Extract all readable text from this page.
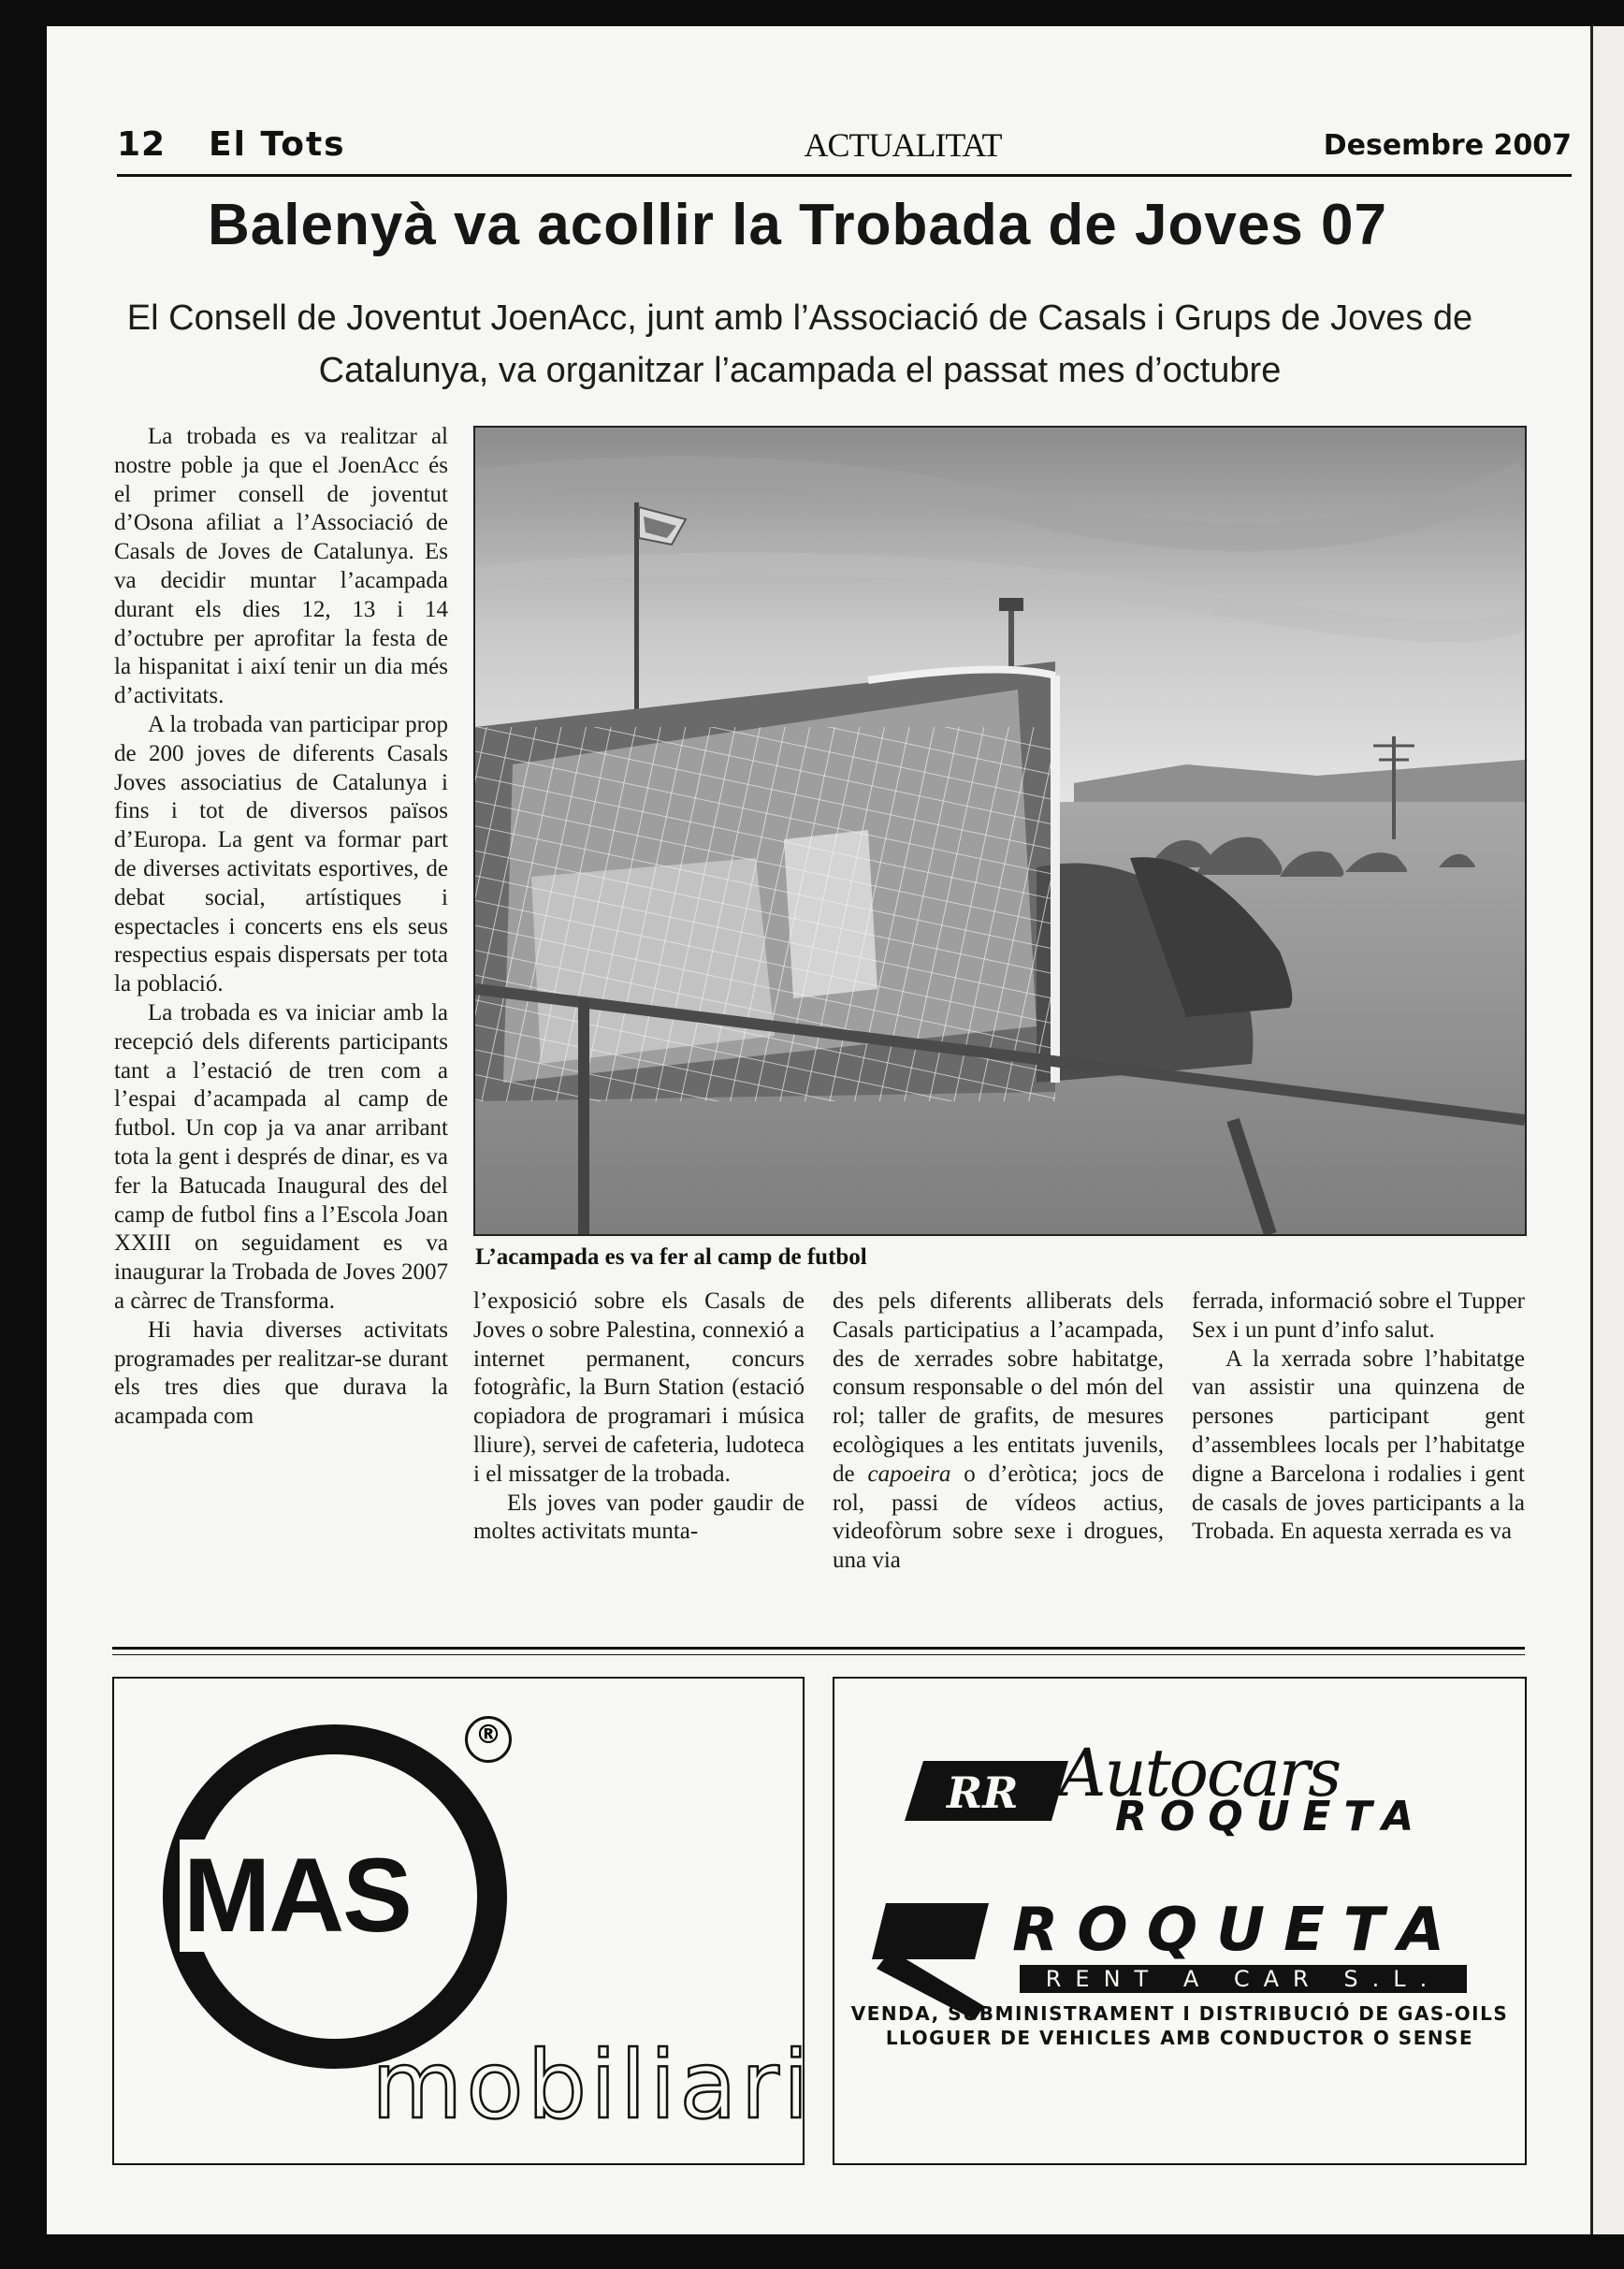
12 El Tots	ACTUALITAT	Desembre 2007
Balenyà va acollir la Trobada de Joves 07

El Consell de Joventut JoenAcc, junt amb l’Associació de Casals i Grups de Joves de Catalunya, va organitzar l’acampada el passat mes d’octubre

La trobada es va realitzar al nostre poble ja que el JoenAcc és el primer consell de joventut d’Osona afiliat a l’Associació de Casals de Joves de Catalunya. Es va decidir muntar l’acampada durant els dies 12, 13 i 14 d’octubre per aprofitar la festa de la hispanitat i així tenir un dia més d’activitats.

A la trobada van participar prop de 200 joves de diferents Casals Joves associatius de Catalunya i fins i tot de diversos països d’Europa. La gent va formar part de diverses activitats esportives, de debat social, artístiques i espectacles i concerts ens els seus respectius espais dispersats per tota la població.

La trobada es va iniciar amb la recepció dels diferents participants tant a l’estació de tren com a l’espai d’acampada al camp de futbol. Un cop ja va anar arribant tota la gent i després de dinar, es va fer la Batucada Inaugural des del camp de futbol fins a l’Escola Joan XXIII on seguidament es va inaugurar la Trobada de Joves 2007 a càrrec de Transforma.

Hi havia diverses activitats programades per realitzar-se durant els tres dies que durava la acampada com

L’acampada es va fer al camp de futbol

l’exposició sobre els Casals de Joves o sobre Palestina, connexió a internet permanent, concurs fotogràfic, la Burn Station (estació copiadora de programari i música lliure), servei de cafeteria, ludoteca i el missatger de la trobada.

Els joves van poder gaudir de moltes activitats munta-

des pels diferents alliberats dels Casals participatius a l’acampada, des de xerrades sobre habitatge, consum responsable o del món del rol; taller de grafits, de mesures ecològiques a les entitats juvenils, de capoeira o d’eròtica; jocs de rol, passi de vídeos actius, videofòrum sobre sexe i drogues, una via

ferrada, informació sobre el Tupper Sex i un punt d’info salut.

A la xerrada sobre l’habitatge van assistir una quinzena de persones participant gent d’assemblees locals per l’habitatge digne a Barcelona i rodalies i gent de casals de joves participants a la Trobada. En aquesta xerrada es va

®
MAS
mobiliari
RR Autocars
ROQUETA
ROQUETA
RENT A CAR S.L.
VENDA, SUBMINISTRAMENT I DISTRIBUCIÓ DE GAS-OILS
LLOGUER DE VEHICLES AMB CONDUCTOR O SENSE
